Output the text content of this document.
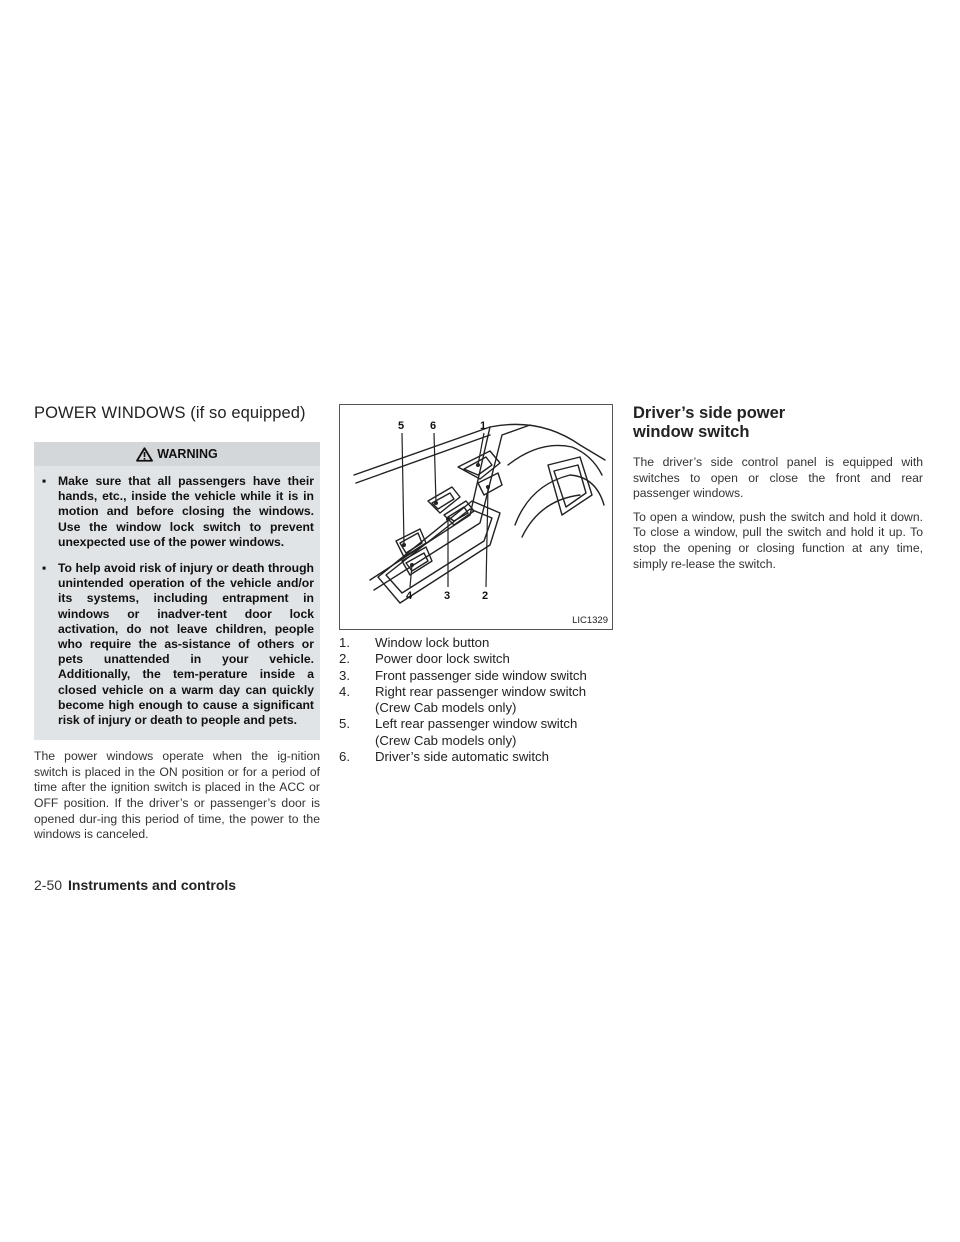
POWER WINDOWS (if so equipped)
WARNING
▪ Make sure that all passengers have their hands, etc., inside the vehicle while it is in motion and before closing the windows. Use the window lock switch to prevent unexpected use of the power windows.
▪ To help avoid risk of injury or death through unintended operation of the vehicle and/or its systems, including entrapment in windows or inadver-tent door lock activation, do not leave children, people who require the as-sistance of others or pets unattended in your vehicle. Additionally, the tem-perature inside a closed vehicle on a warm day can quickly become high enough to cause a significant risk of injury or death to people and pets.

The power windows operate when the ig-nition switch is placed in the ON position or for a period of time after the ignition switch is placed in the ACC or OFF position. If the driver’s or passenger’s door is opened dur-ing this period of time, the power to the windows is canceled.

5 6	1
4	3	2
LIC1329
1. Window lock button
2. Power door lock switch
3. Front passenger side window switch
4. Right rear passenger window switch (Crew Cab models only)
5. Left rear passenger window switch (Crew Cab models only)
6. Driver’s side automatic switch
Driver’s side power window switch

The driver’s side control panel is equipped with switches to open or close the front and rear passenger windows.

To open a window, push the switch and hold it down. To close a window, pull the switch and hold it up. To stop the opening or closing function at any time, simply re-lease the switch.

2-50 Instruments and controls
